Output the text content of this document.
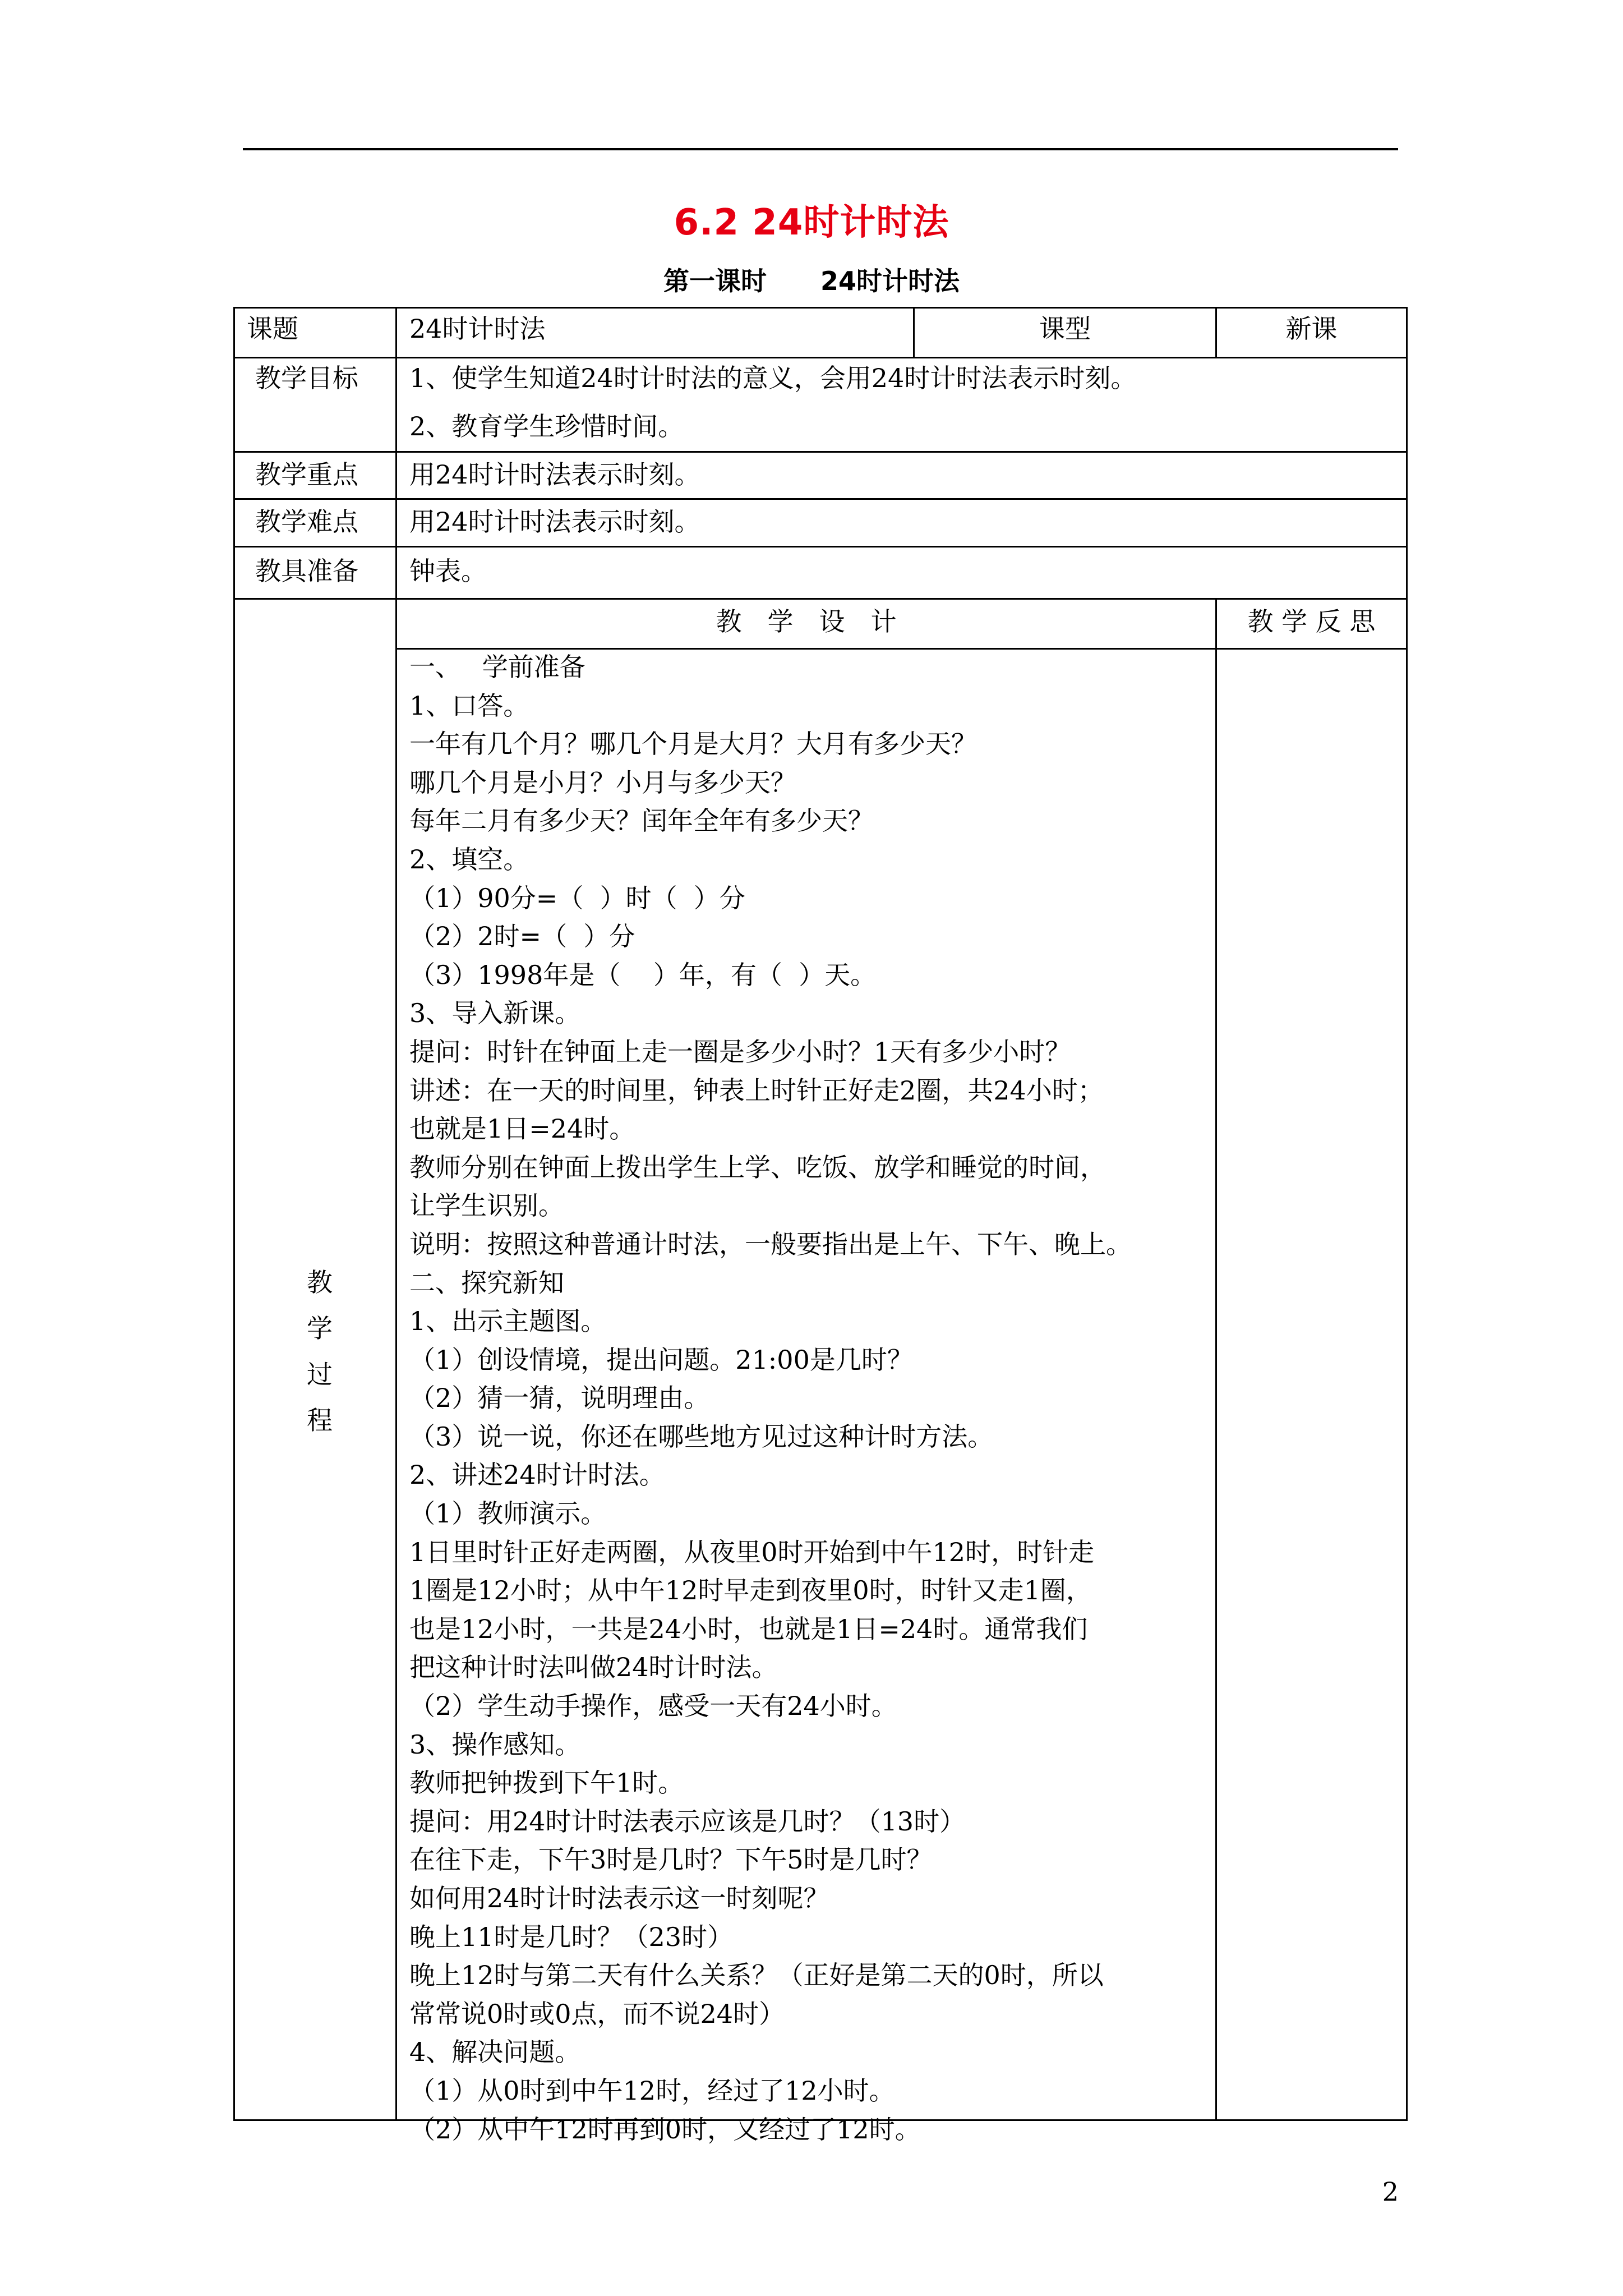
6.2 24时计时法
第一课时      24时计时法
课题	24时计时法	课型	新课
教学目标 1、使学生知道24时计时法的意义，会用24时计时法表示时刻。
2、教育学生珍惜时间。
教学重点 用24时计时法表示时刻。
教学难点 用24时计时法表示时刻。
教具准备 钟表。
教　学　设　计	教 学 反 思
教
学
过
程
一、　 学前准备
1、口答。
一年有几个月？哪几个月是大月？大月有多少天？
哪几个月是小月？小月与多少天？
每年二月有多少天？闰年全年有多少天？
2、填空。
（1）90分=（  ）时（  ）分
（2）2时=（  ）分
（3）1998年是（    ）年，有（  ）天。
3、导入新课。
提问：时针在钟面上走一圈是多少小时？1天有多少小时？
讲述：在一天的时间里，钟表上时针正好走2圈，共24小时；
也就是1日=24时。
教师分别在钟面上拨出学生上学、吃饭、放学和睡觉的时间，
让学生识别。
说明：按照这种普通计时法，一般要指出是上午、下午、晚上。
二、探究新知
1、出示主题图。
（1）创设情境，提出问题。21:00是几时？
（2）猜一猜，说明理由。
（3）说一说，你还在哪些地方见过这种计时方法。
2、讲述24时计时法。
（1）教师演示。
1日里时针正好走两圈，从夜里0时开始到中午12时，时针走
1圈是12小时；从中午12时早走到夜里0时，时针又走1圈，
也是12小时，一共是24小时，也就是1日=24时。通常我们
把这种计时法叫做24时计时法。
（2）学生动手操作，感受一天有24小时。
3、操作感知。
教师把钟拨到下午1时。
提问：用24时计时法表示应该是几时？（13时）
在往下走，下午3时是几时？下午5时是几时？
如何用24时计时法表示这一时刻呢？
晚上11时是几时？（23时）
晚上12时与第二天有什么关系？（正好是第二天的0时，所以
常常说0时或0点，而不说24时）
4、解决问题。
（1）从0时到中午12时，经过了12小时。
（2）从中午12时再到0时，又经过了12时。
2
